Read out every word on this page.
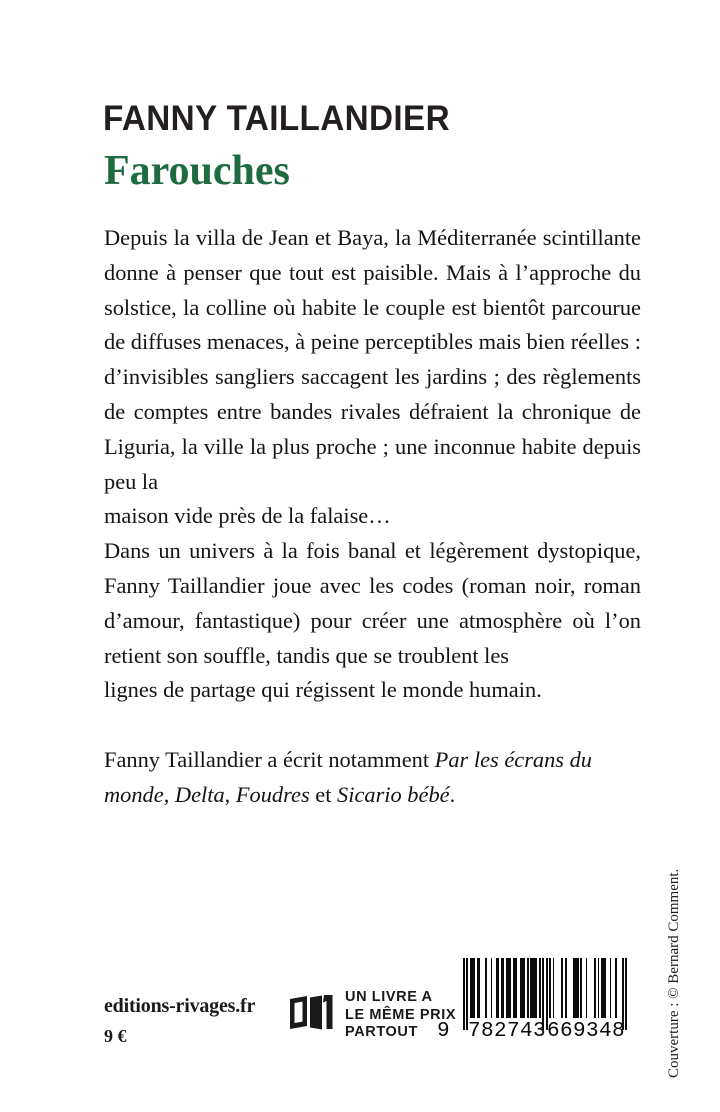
FANNY TAILLANDIER
Farouches

Depuis la villa de Jean et Baya, la Méditerranée scintillante donne à penser que tout est paisible. Mais à l’approche du solstice, la colline où habite le couple est bientôt parcourue de diffuses menaces, à peine perceptibles mais bien réelles : d’invisibles sangliers saccagent les jardins ; des règlements de comptes entre bandes rivales défraient la chronique de Liguria, la ville la plus proche ; une inconnue habite depuis peu la

maison vide près de la falaise…

Dans un univers à la fois banal et légèrement dystopique, Fanny Taillandier joue avec les codes (roman noir, roman d’amour, fantastique) pour créer une atmosphère où l’on retient son souffle, tandis que se troublent les

lignes de partage qui régissent le monde humain.

Fanny Taillandier a écrit notamment Par les écrans du monde, Delta, Foudres et Sicario bébé.

editions-rivages.fr
9 €
UN LIVRE A
LE MÊME PRIX
PARTOUT 9 782743 669348	Couverture : © Bernard Comment.
